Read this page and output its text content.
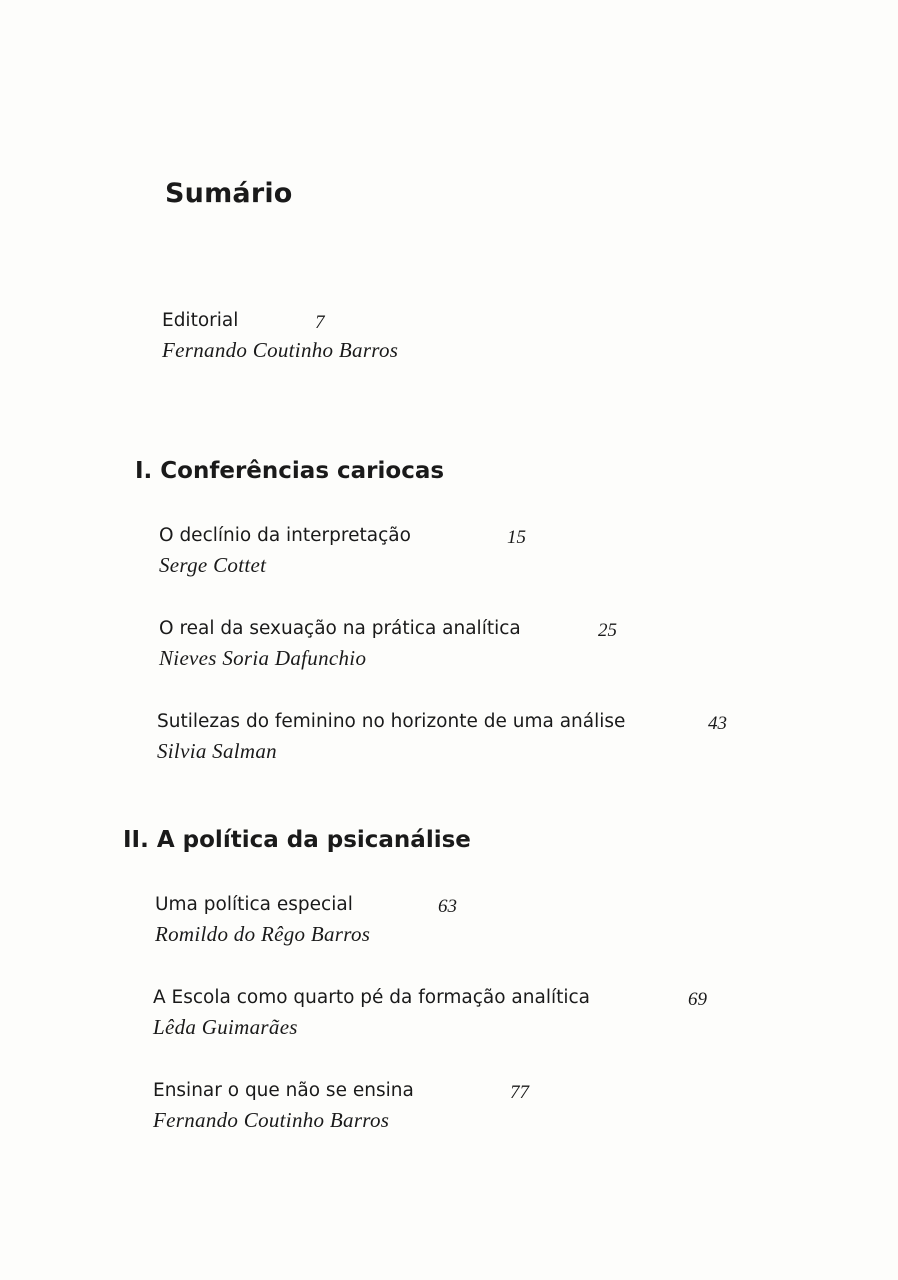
Sumário
Editorial	7
Fernando Coutinho Barros
I. Conferências cariocas
O declínio da interpretação	15
Serge Cottet
O real da sexuação na prática analítica	25
Nieves Soria Dafunchio
Sutilezas do feminino no horizonte de uma análise	43
Silvia Salman
II. A política da psicanálise
Uma política especial	63
Romildo do Rêgo Barros
A Escola como quarto pé da formação analítica	69
Lêda Guimarães
Ensinar o que não se ensina	77
Fernando Coutinho Barros
